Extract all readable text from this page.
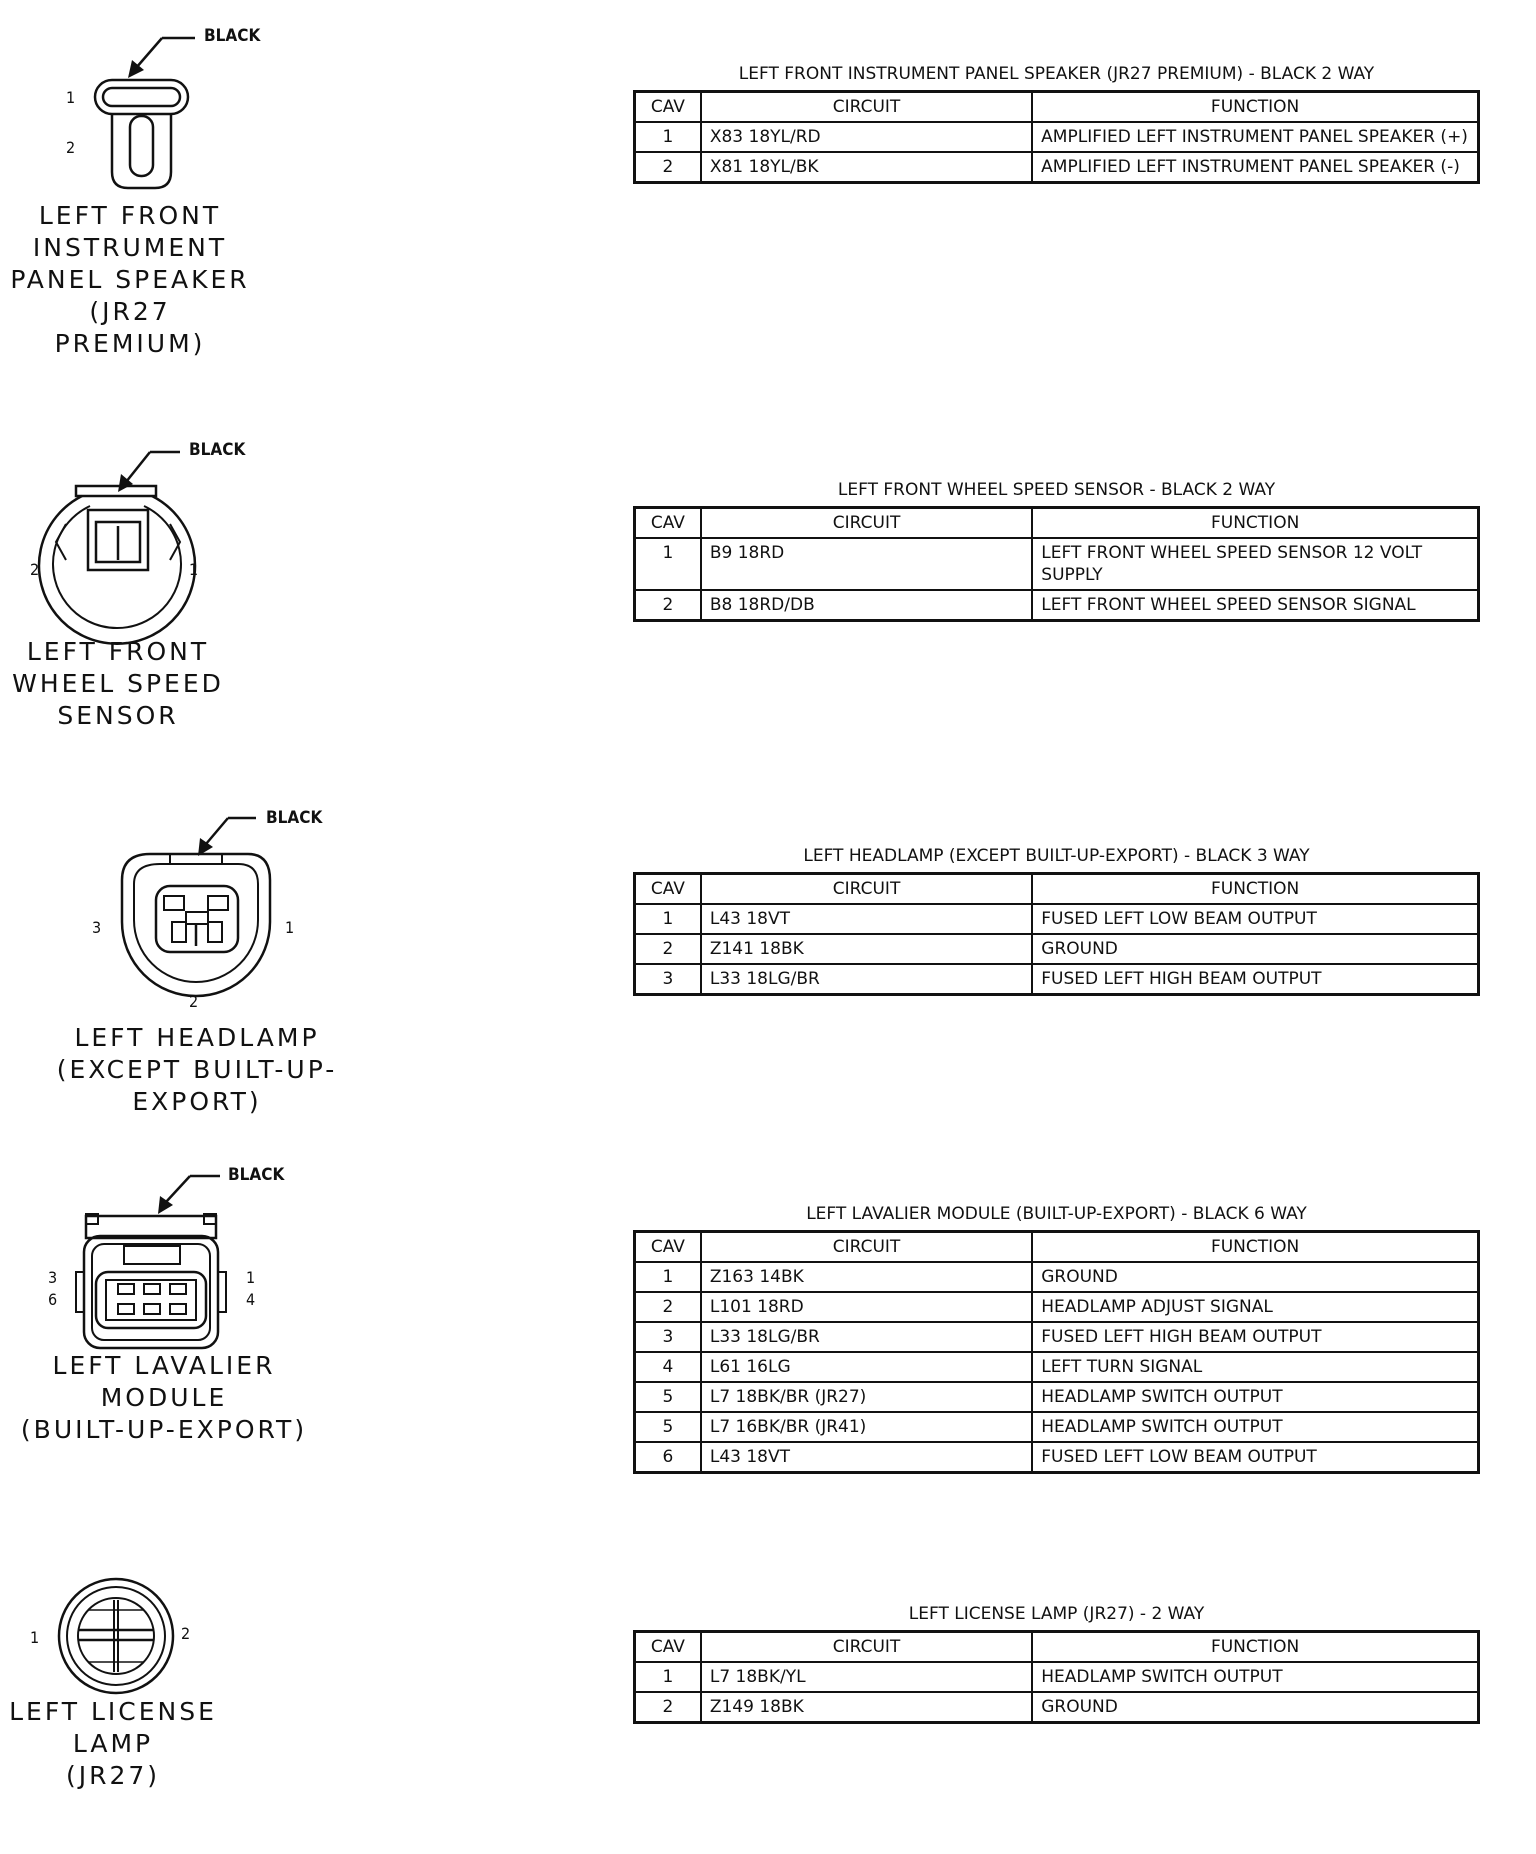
BLACK
1
2
LEFT FRONT
INSTRUMENT
PANEL SPEAKER
(JR27
PREMIUM)
LEFT FRONT INSTRUMENT PANEL SPEAKER (JR27 PREMIUM) - BLACK 2 WAY
CAV	CIRCUIT	FUNCTION
1	X83 18YL/RD	AMPLIFIED LEFT INSTRUMENT PANEL SPEAKER (+)
2	X81 18YL/BK	AMPLIFIED LEFT INSTRUMENT PANEL SPEAKER (-)
BLACK
2	1
LEFT FRONT
WHEEL SPEED
SENSOR
LEFT FRONT WHEEL SPEED SENSOR - BLACK 2 WAY
CAV	CIRCUIT	FUNCTION
1	B9 18RD	LEFT FRONT WHEEL SPEED SENSOR 12 VOLT SUPPLY
2	B8 18RD/DB	LEFT FRONT WHEEL SPEED SENSOR SIGNAL
BLACK
3	1
2
LEFT HEADLAMP
(EXCEPT BUILT-UP-EXPORT)
LEFT HEADLAMP (EXCEPT BUILT-UP-EXPORT) - BLACK 3 WAY
CAV	CIRCUIT	FUNCTION
1	L43 18VT	FUSED LEFT LOW BEAM OUTPUT
2	Z141 18BK	GROUND
3	L33 18LG/BR	FUSED LEFT HIGH BEAM OUTPUT
BLACK
3
6
1
4
LEFT LAVALIER
MODULE
(BUILT-UP-EXPORT)
LEFT LAVALIER MODULE (BUILT-UP-EXPORT) - BLACK 6 WAY
CAV	CIRCUIT	FUNCTION
1	Z163 14BK	GROUND
2	L101 18RD	HEADLAMP ADJUST SIGNAL
3	L33 18LG/BR	FUSED LEFT HIGH BEAM OUTPUT
4	L61 16LG	LEFT TURN SIGNAL
5	L7 18BK/BR (JR27)	HEADLAMP SWITCH OUTPUT
5	L7 16BK/BR (JR41)	HEADLAMP SWITCH OUTPUT
6	L43 18VT	FUSED LEFT LOW BEAM OUTPUT
1	2
LEFT LICENSE
LAMP
(JR27)
LEFT LICENSE LAMP (JR27) - 2 WAY
CAV	CIRCUIT	FUNCTION
1	L7 18BK/YL	HEADLAMP SWITCH OUTPUT
2	Z149 18BK	GROUND
